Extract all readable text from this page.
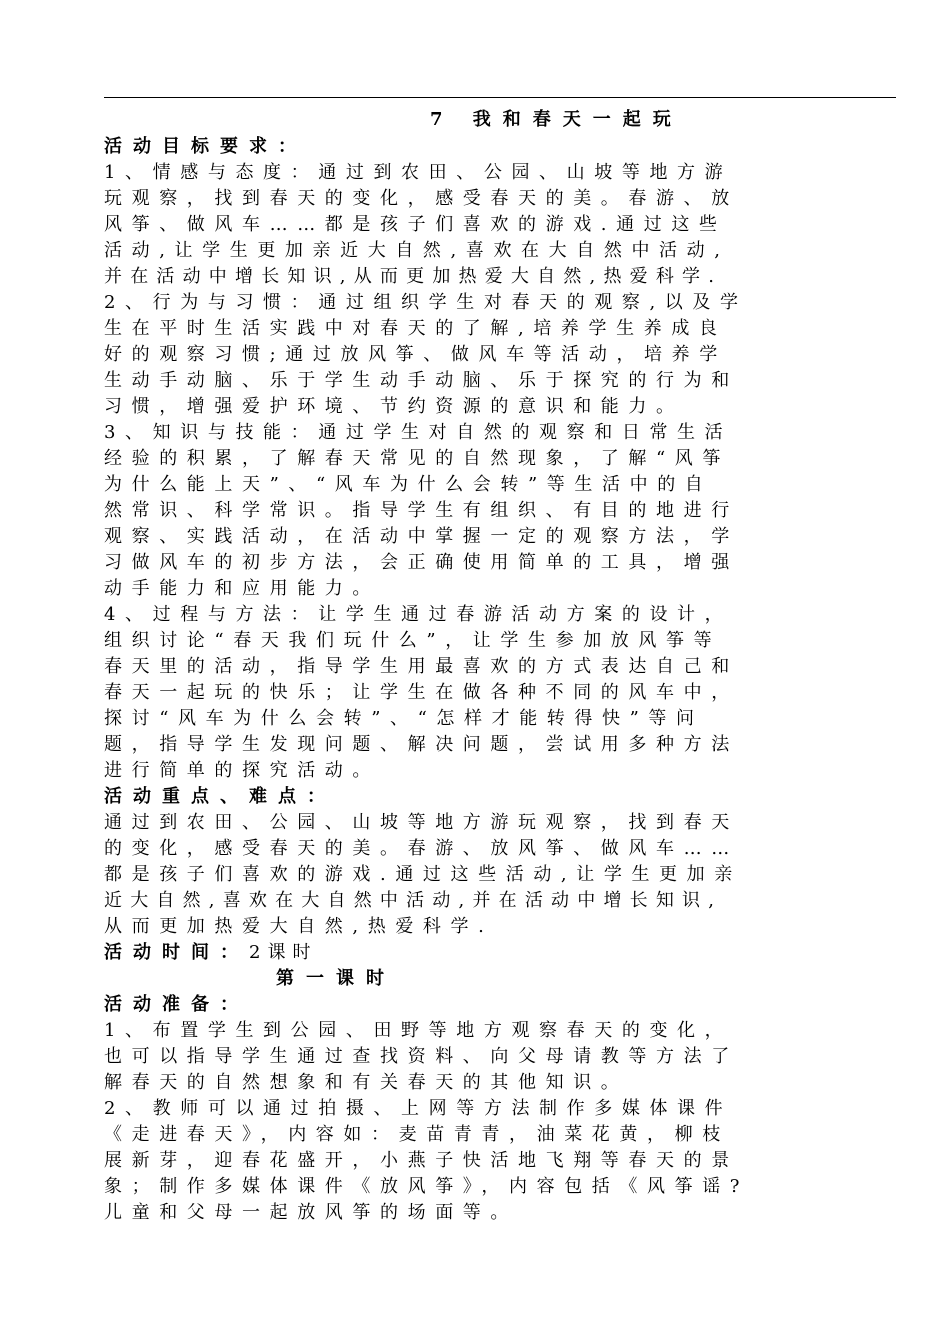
7 我和春天一起玩
活动目标要求：
1、情感与态度：通过到农田、公园、山坡等地方游
玩观察，找到春天的变化，感受春天的美。春游、放
风筝、做风车……都是孩子们喜欢的游戏.通过这些
活动,让学生更加亲近大自然,喜欢在大自然中活动,
并在活动中增长知识,从而更加热爱大自然,热爱科学.
2、行为与习惯：通过组织学生对春天的观察,以及学
生在平时生活实践中对春天的了解,培养学生养成良
好的观察习惯;通过放风筝、做风车等活动，培养学
生动手动脑、乐于学生动手动脑、乐于探究的行为和
习惯，增强爱护环境、节约资源的意识和能力。
3、知识与技能：通过学生对自然的观察和日常生活
经验的积累，了解春天常见的自然现象，了解“风筝
为什么能上天”、“风车为什么会转”等生活中的自
然常识、科学常识。指导学生有组织、有目的地进行
观察、实践活动，在活动中掌握一定的观察方法，学
习做风车的初步方法，会正确使用简单的工具，增强
动手能力和应用能力。
4、过程与方法：让学生通过春游活动方案的设计，
组织讨论“春天我们玩什么”，让学生参加放风筝等
春天里的活动，指导学生用最喜欢的方式表达自己和
春天一起玩的快乐；让学生在做各种不同的风车中，
探讨“风车为什么会转”、“怎样才能转得快”等问
题，指导学生发现问题、解决问题，尝试用多种方法
进行简单的探究活动。
活动重点、难点：
通过到农田、公园、山坡等地方游玩观察，找到春天
的变化，感受春天的美。春游、放风筝、做风车……
都是孩子们喜欢的游戏.通过这些活动,让学生更加亲
近大自然,喜欢在大自然中活动,并在活动中增长知识,
从而更加热爱大自然,热爱科学.
活动时间：2课时
第一课时
活动准备：
1、布置学生到公园、田野等地方观察春天的变化，
也可以指导学生通过查找资料、向父母请教等方法了
解春天的自然想象和有关春天的其他知识。
2、教师可以通过拍摄、上网等方法制作多媒体课件
《走进春天》，内容如：麦苗青青，油菜花黄，柳枝
展新芽，迎春花盛开，小燕子快活地飞翔等春天的景
象；制作多媒体课件《放风筝》，内容包括《风筝谣?
儿童和父母一起放风筝的场面等。
